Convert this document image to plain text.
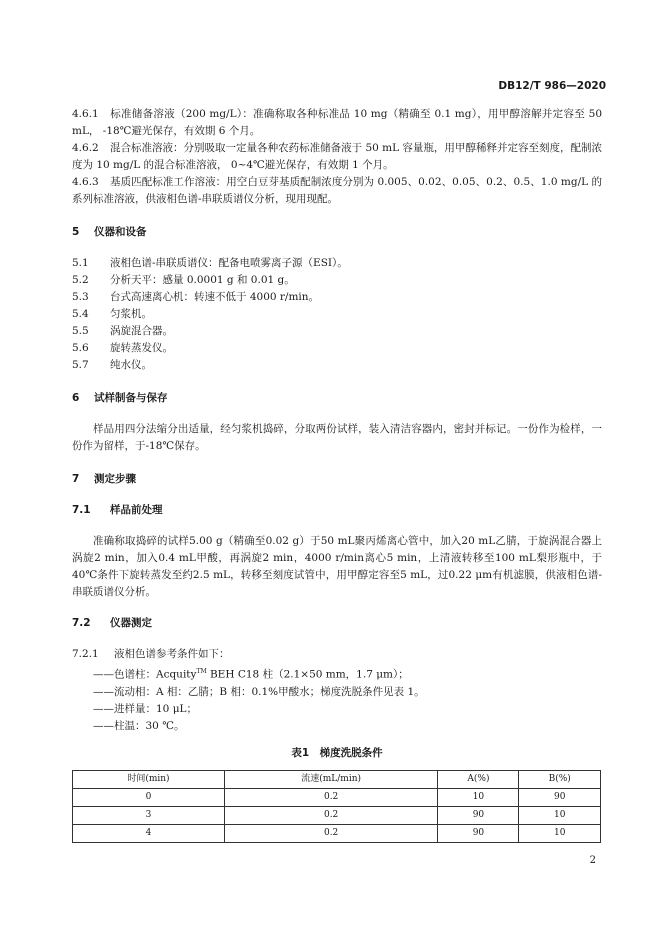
DB12/T 986—2020

4.6.1 标准储备溶液（200 mg/L）：准确称取各种标准品 10 mg（精确至 0.1 mg），用甲醇溶解并定容至 50 mL， -18℃避光保存，有效期 6 个月。

4.6.2 混合标准溶液：分别吸取一定量各种农药标准储备液于 50 mL 容量瓶，用甲醇稀释并定容至刻度，配制浓度为 10 mg/L 的混合标准溶液， 0~4℃避光保存，有效期 1 个月。

4.6.3 基质匹配标准工作溶液：用空白豆芽基质配制浓度分别为 0.005、0.02、0.05、0.2、0.5、1.0 mg/L 的系列标准溶液，供液相色谱-串联质谱仪分析，现用现配。

5 仪器和设备

5.1 液相色谱-串联质谱仪：配备电喷雾离子源（ESI）。

5.2 分析天平：感量 0.0001 g 和 0.01 g。

5.3 台式高速离心机：转速不低于 4000 r/min。

5.4 匀浆机。

5.5 涡旋混合器。

5.6 旋转蒸发仪。

5.7 纯水仪。

6 试样制备与保存

样品用四分法缩分出适量，经匀浆机捣碎，分取两份试样，装入清洁容器内，密封并标记。一份作为检样，一份作为留样，于-18℃保存。

7 测定步骤

7.1 样品前处理

准确称取捣碎的试样5.00 g（精确至0.02 g）于50 mL聚丙烯离心管中，加入20 mL乙腈，于旋涡混合器上涡旋2 min，加入0.4 mL甲酸，再涡旋2 min，4000 r/min离心5 min，上清液转移至100 mL梨形瓶中，于40℃条件下旋转蒸发至约2.5 mL，转移至刻度试管中，用甲醇定容至5 mL，过0.22 μm有机滤膜，供液相色谱-串联质谱仪分析。

7.2 仪器测定

7.2.1 液相色谱参考条件如下：

——色谱柱：Acquity™ BEH C18 柱（2.1×50 mm，1.7 μm）；

——流动相：A 相：乙腈；B 相：0.1%甲酸水；梯度洗脱条件见表 1。

——进样量：10 μL；

——柱温：30 ℃。

表1　梯度洗脱条件

时间(min)	流速(mL/min)	A(%)	B(%)
0	0.2	10	90
3	0.2	90	10
4	0.2	90	10
2
